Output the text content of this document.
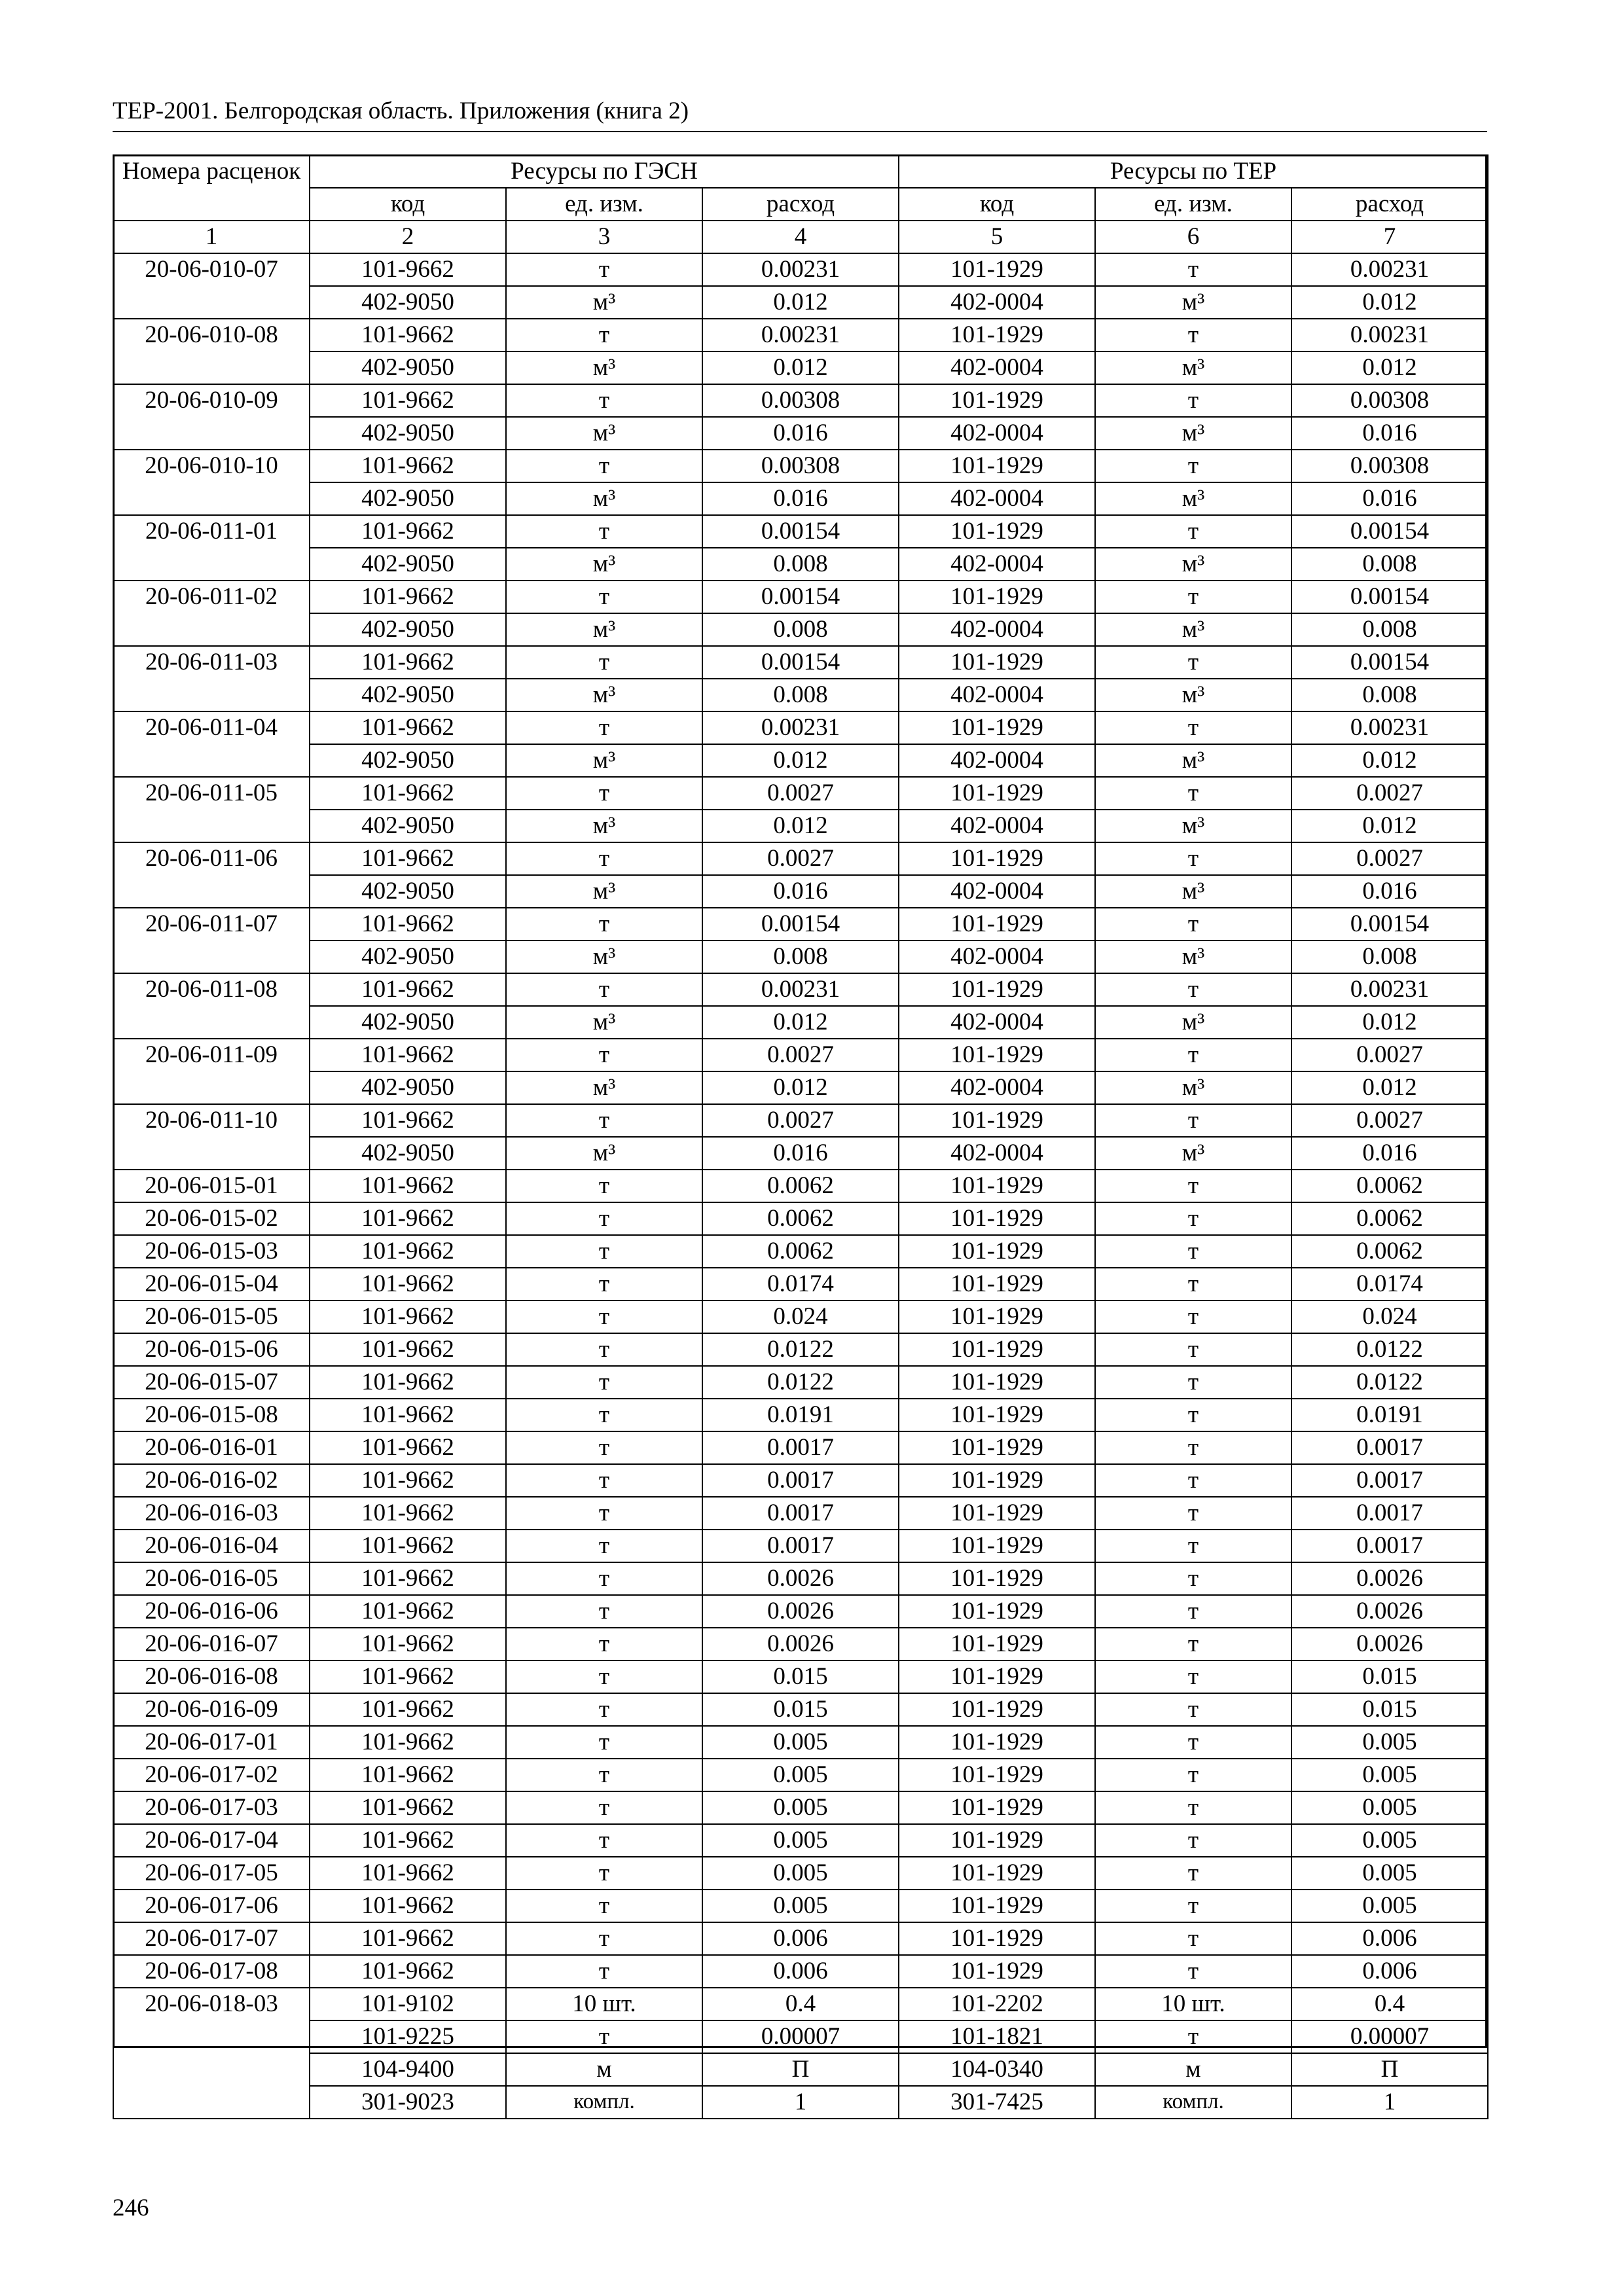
ТЕР-2001. Белгородская область. Приложения (книга 2)
Номера расценок	Ресурсы по ГЭСН			Ресурсы по ТЕР		
	код	ед. изм.	расход	код	ед. изм.	расход
1	2	3	4	5	6	7
20-06-010-07	101-9662	т	0.00231	101-1929	т	0.00231
	402-9050	м³	0.012	402-0004	м³	0.012
20-06-010-08	101-9662	т	0.00231	101-1929	т	0.00231
	402-9050	м³	0.012	402-0004	м³	0.012
20-06-010-09	101-9662	т	0.00308	101-1929	т	0.00308
	402-9050	м³	0.016	402-0004	м³	0.016
20-06-010-10	101-9662	т	0.00308	101-1929	т	0.00308
	402-9050	м³	0.016	402-0004	м³	0.016
20-06-011-01	101-9662	т	0.00154	101-1929	т	0.00154
	402-9050	м³	0.008	402-0004	м³	0.008
20-06-011-02	101-9662	т	0.00154	101-1929	т	0.00154
	402-9050	м³	0.008	402-0004	м³	0.008
20-06-011-03	101-9662	т	0.00154	101-1929	т	0.00154
	402-9050	м³	0.008	402-0004	м³	0.008
20-06-011-04	101-9662	т	0.00231	101-1929	т	0.00231
	402-9050	м³	0.012	402-0004	м³	0.012
20-06-011-05	101-9662	т	0.0027	101-1929	т	0.0027
	402-9050	м³	0.012	402-0004	м³	0.012
20-06-011-06	101-9662	т	0.0027	101-1929	т	0.0027
	402-9050	м³	0.016	402-0004	м³	0.016
20-06-011-07	101-9662	т	0.00154	101-1929	т	0.00154
	402-9050	м³	0.008	402-0004	м³	0.008
20-06-011-08	101-9662	т	0.00231	101-1929	т	0.00231
	402-9050	м³	0.012	402-0004	м³	0.012
20-06-011-09	101-9662	т	0.0027	101-1929	т	0.0027
	402-9050	м³	0.012	402-0004	м³	0.012
20-06-011-10	101-9662	т	0.0027	101-1929	т	0.0027
	402-9050	м³	0.016	402-0004	м³	0.016
20-06-015-01	101-9662	т	0.0062	101-1929	т	0.0062
20-06-015-02	101-9662	т	0.0062	101-1929	т	0.0062
20-06-015-03	101-9662	т	0.0062	101-1929	т	0.0062
20-06-015-04	101-9662	т	0.0174	101-1929	т	0.0174
20-06-015-05	101-9662	т	0.024	101-1929	т	0.024
20-06-015-06	101-9662	т	0.0122	101-1929	т	0.0122
20-06-015-07	101-9662	т	0.0122	101-1929	т	0.0122
20-06-015-08	101-9662	т	0.0191	101-1929	т	0.0191
20-06-016-01	101-9662	т	0.0017	101-1929	т	0.0017
20-06-016-02	101-9662	т	0.0017	101-1929	т	0.0017
20-06-016-03	101-9662	т	0.0017	101-1929	т	0.0017
20-06-016-04	101-9662	т	0.0017	101-1929	т	0.0017
20-06-016-05	101-9662	т	0.0026	101-1929	т	0.0026
20-06-016-06	101-9662	т	0.0026	101-1929	т	0.0026
20-06-016-07	101-9662	т	0.0026	101-1929	т	0.0026
20-06-016-08	101-9662	т	0.015	101-1929	т	0.015
20-06-016-09	101-9662	т	0.015	101-1929	т	0.015
20-06-017-01	101-9662	т	0.005	101-1929	т	0.005
20-06-017-02	101-9662	т	0.005	101-1929	т	0.005
20-06-017-03	101-9662	т	0.005	101-1929	т	0.005
20-06-017-04	101-9662	т	0.005	101-1929	т	0.005
20-06-017-05	101-9662	т	0.005	101-1929	т	0.005
20-06-017-06	101-9662	т	0.005	101-1929	т	0.005
20-06-017-07	101-9662	т	0.006	101-1929	т	0.006
20-06-017-08	101-9662	т	0.006	101-1929	т	0.006
20-06-018-03	101-9102	10 шт.	0.4	101-2202	10 шт.	0.4
	101-9225	т	0.00007	101-1821	т	0.00007
	104-9400	м	П	104-0340	м	П
	301-9023	компл.	1	301-7425	компл.	1
246
